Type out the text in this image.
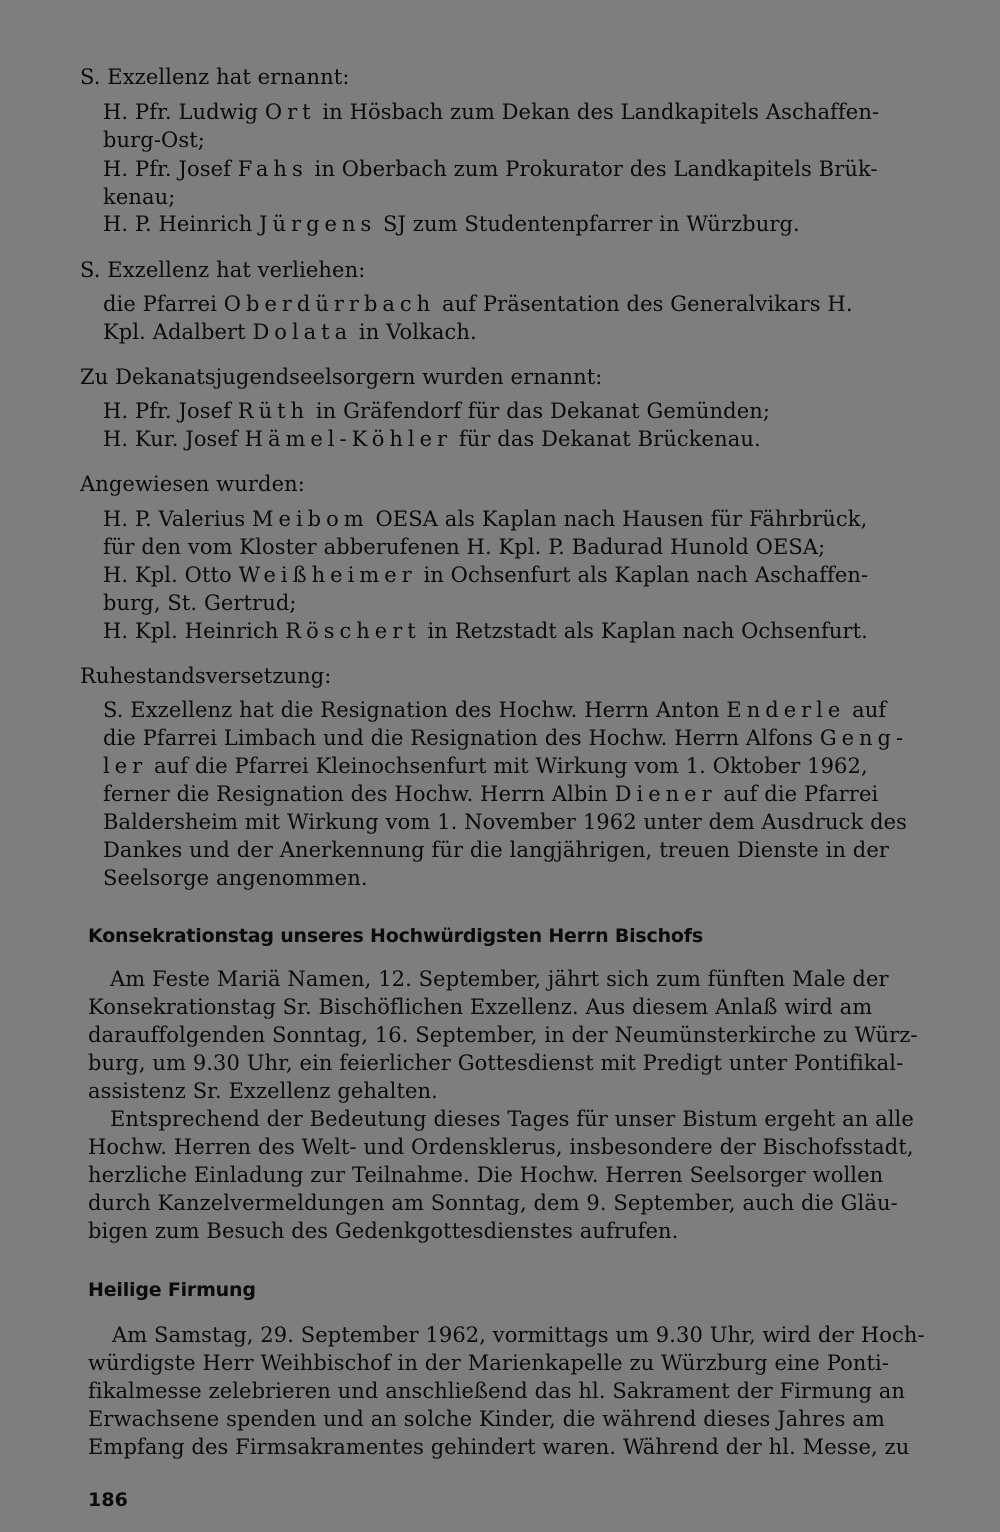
S. Exzellenz hat ernannt:
H. Pfr. Ludwig Ort in Hösbach zum Dekan des Landkapitels Aschaffen-
burg-Ost;
H. Pfr. Josef Fahs in Oberbach zum Prokurator des Landkapitels Brük-
kenau;
H. P. Heinrich Jürgens SJ zum Studentenpfarrer in Würzburg.
S. Exzellenz hat verliehen:
die Pfarrei Oberdürrbach auf Präsentation des Generalvikars H.
Kpl. Adalbert Dolata in Volkach.
Zu Dekanatsjugendseelsorgern wurden ernannt:
H. Pfr. Josef Rüth in Gräfendorf für das Dekanat Gemünden;
H. Kur. Josef Hämel-Köhler für das Dekanat Brückenau.
Angewiesen wurden:
H. P. Valerius Meibom OESA als Kaplan nach Hausen für Fährbrück,
für den vom Kloster abberufenen H. Kpl. P. Badurad Hunold OESA;
H. Kpl. Otto Weißheimer in Ochsenfurt als Kaplan nach Aschaffen-
burg, St. Gertrud;
H. Kpl. Heinrich Röschert in Retzstadt als Kaplan nach Ochsenfurt.
Ruhestandsversetzung:
S. Exzellenz hat die Resignation des Hochw. Herrn Anton Enderle auf
die Pfarrei Limbach und die Resignation des Hochw. Herrn Alfons Geng-
ler auf die Pfarrei Kleinochsenfurt mit Wirkung vom 1. Oktober 1962,
ferner die Resignation des Hochw. Herrn Albin Diener auf die Pfarrei
Baldersheim mit Wirkung vom 1. November 1962 unter dem Ausdruck des
Dankes und der Anerkennung für die langjährigen, treuen Dienste in der
Seelsorge angenommen.
Konsekrationstag unseres Hochwürdigsten Herrn Bischofs
Am Feste Mariä Namen, 12. September, jährt sich zum fünften Male der
Konsekrationstag Sr. Bischöflichen Exzellenz. Aus diesem Anlaß wird am
darauffolgenden Sonntag, 16. September, in der Neumünsterkirche zu Würz-
burg, um 9.30 Uhr, ein feierlicher Gottesdienst mit Predigt unter Pontifikal-
assistenz Sr. Exzellenz gehalten.
Entsprechend der Bedeutung dieses Tages für unser Bistum ergeht an alle
Hochw. Herren des Welt- und Ordensklerus, insbesondere der Bischofsstadt,
herzliche Einladung zur Teilnahme. Die Hochw. Herren Seelsorger wollen
durch Kanzelvermeldungen am Sonntag, dem 9. September, auch die Gläu-
bigen zum Besuch des Gedenkgottesdienstes aufrufen.
Heilige Firmung
Am Samstag, 29. September 1962, vormittags um 9.30 Uhr, wird der Hoch-
würdigste Herr Weihbischof in der Marienkapelle zu Würzburg eine Ponti-
fikalmesse zelebrieren und anschließend das hl. Sakrament der Firmung an
Erwachsene spenden und an solche Kinder, die während dieses Jahres am
Empfang des Firmsakramentes gehindert waren. Während der hl. Messe, zu
186
